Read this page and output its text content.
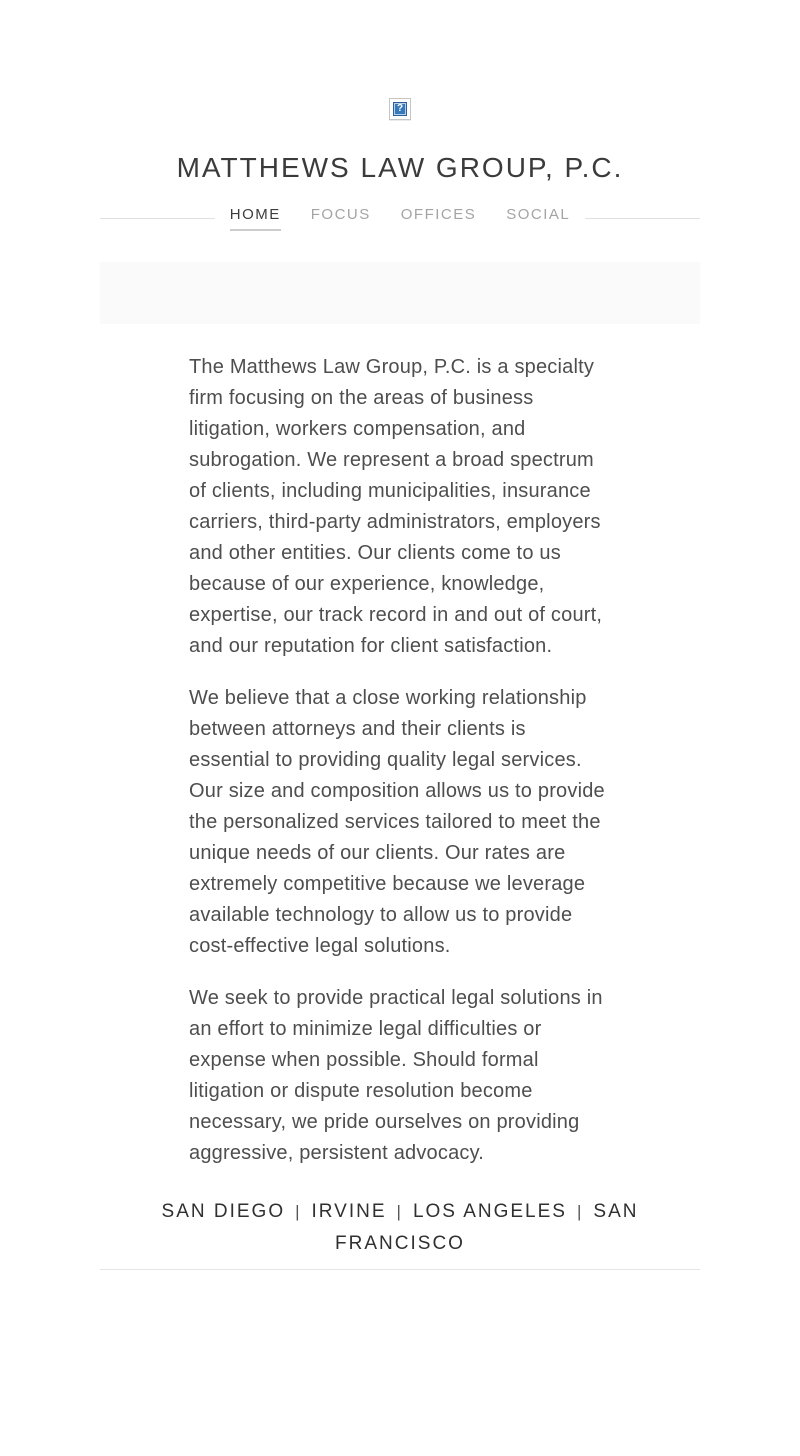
?
MATTHEWS LAW GROUP, P.C.
HOME FOCUS OFFICES SOCIAL

The Matthews Law Group, P.C. is a specialty firm focusing on the areas of business litigation, workers compensation, and subrogation. We represent a broad spectrum of clients, including municipalities, insurance carriers, third-party administrators, employers and other entities. Our clients come to us because of our experience, knowledge, expertise, our track record in and out of court, and our reputation for client satisfaction.

We believe that a close working relationship between attorneys and their clients is essential to providing quality legal services. Our size and composition allows us to provide the personalized services tailored to meet the unique needs of our clients. Our rates are extremely competitive because we leverage available technology to allow us to provide cost-effective legal solutions.

We seek to provide practical legal solutions in an effort to minimize legal difficulties or expense when possible. Should formal litigation or dispute resolution become necessary, we pride ourselves on providing aggressive, persistent advocacy.

SAN DIEGO | IRVINE | LOS ANGELES | SAN FRANCISCO
